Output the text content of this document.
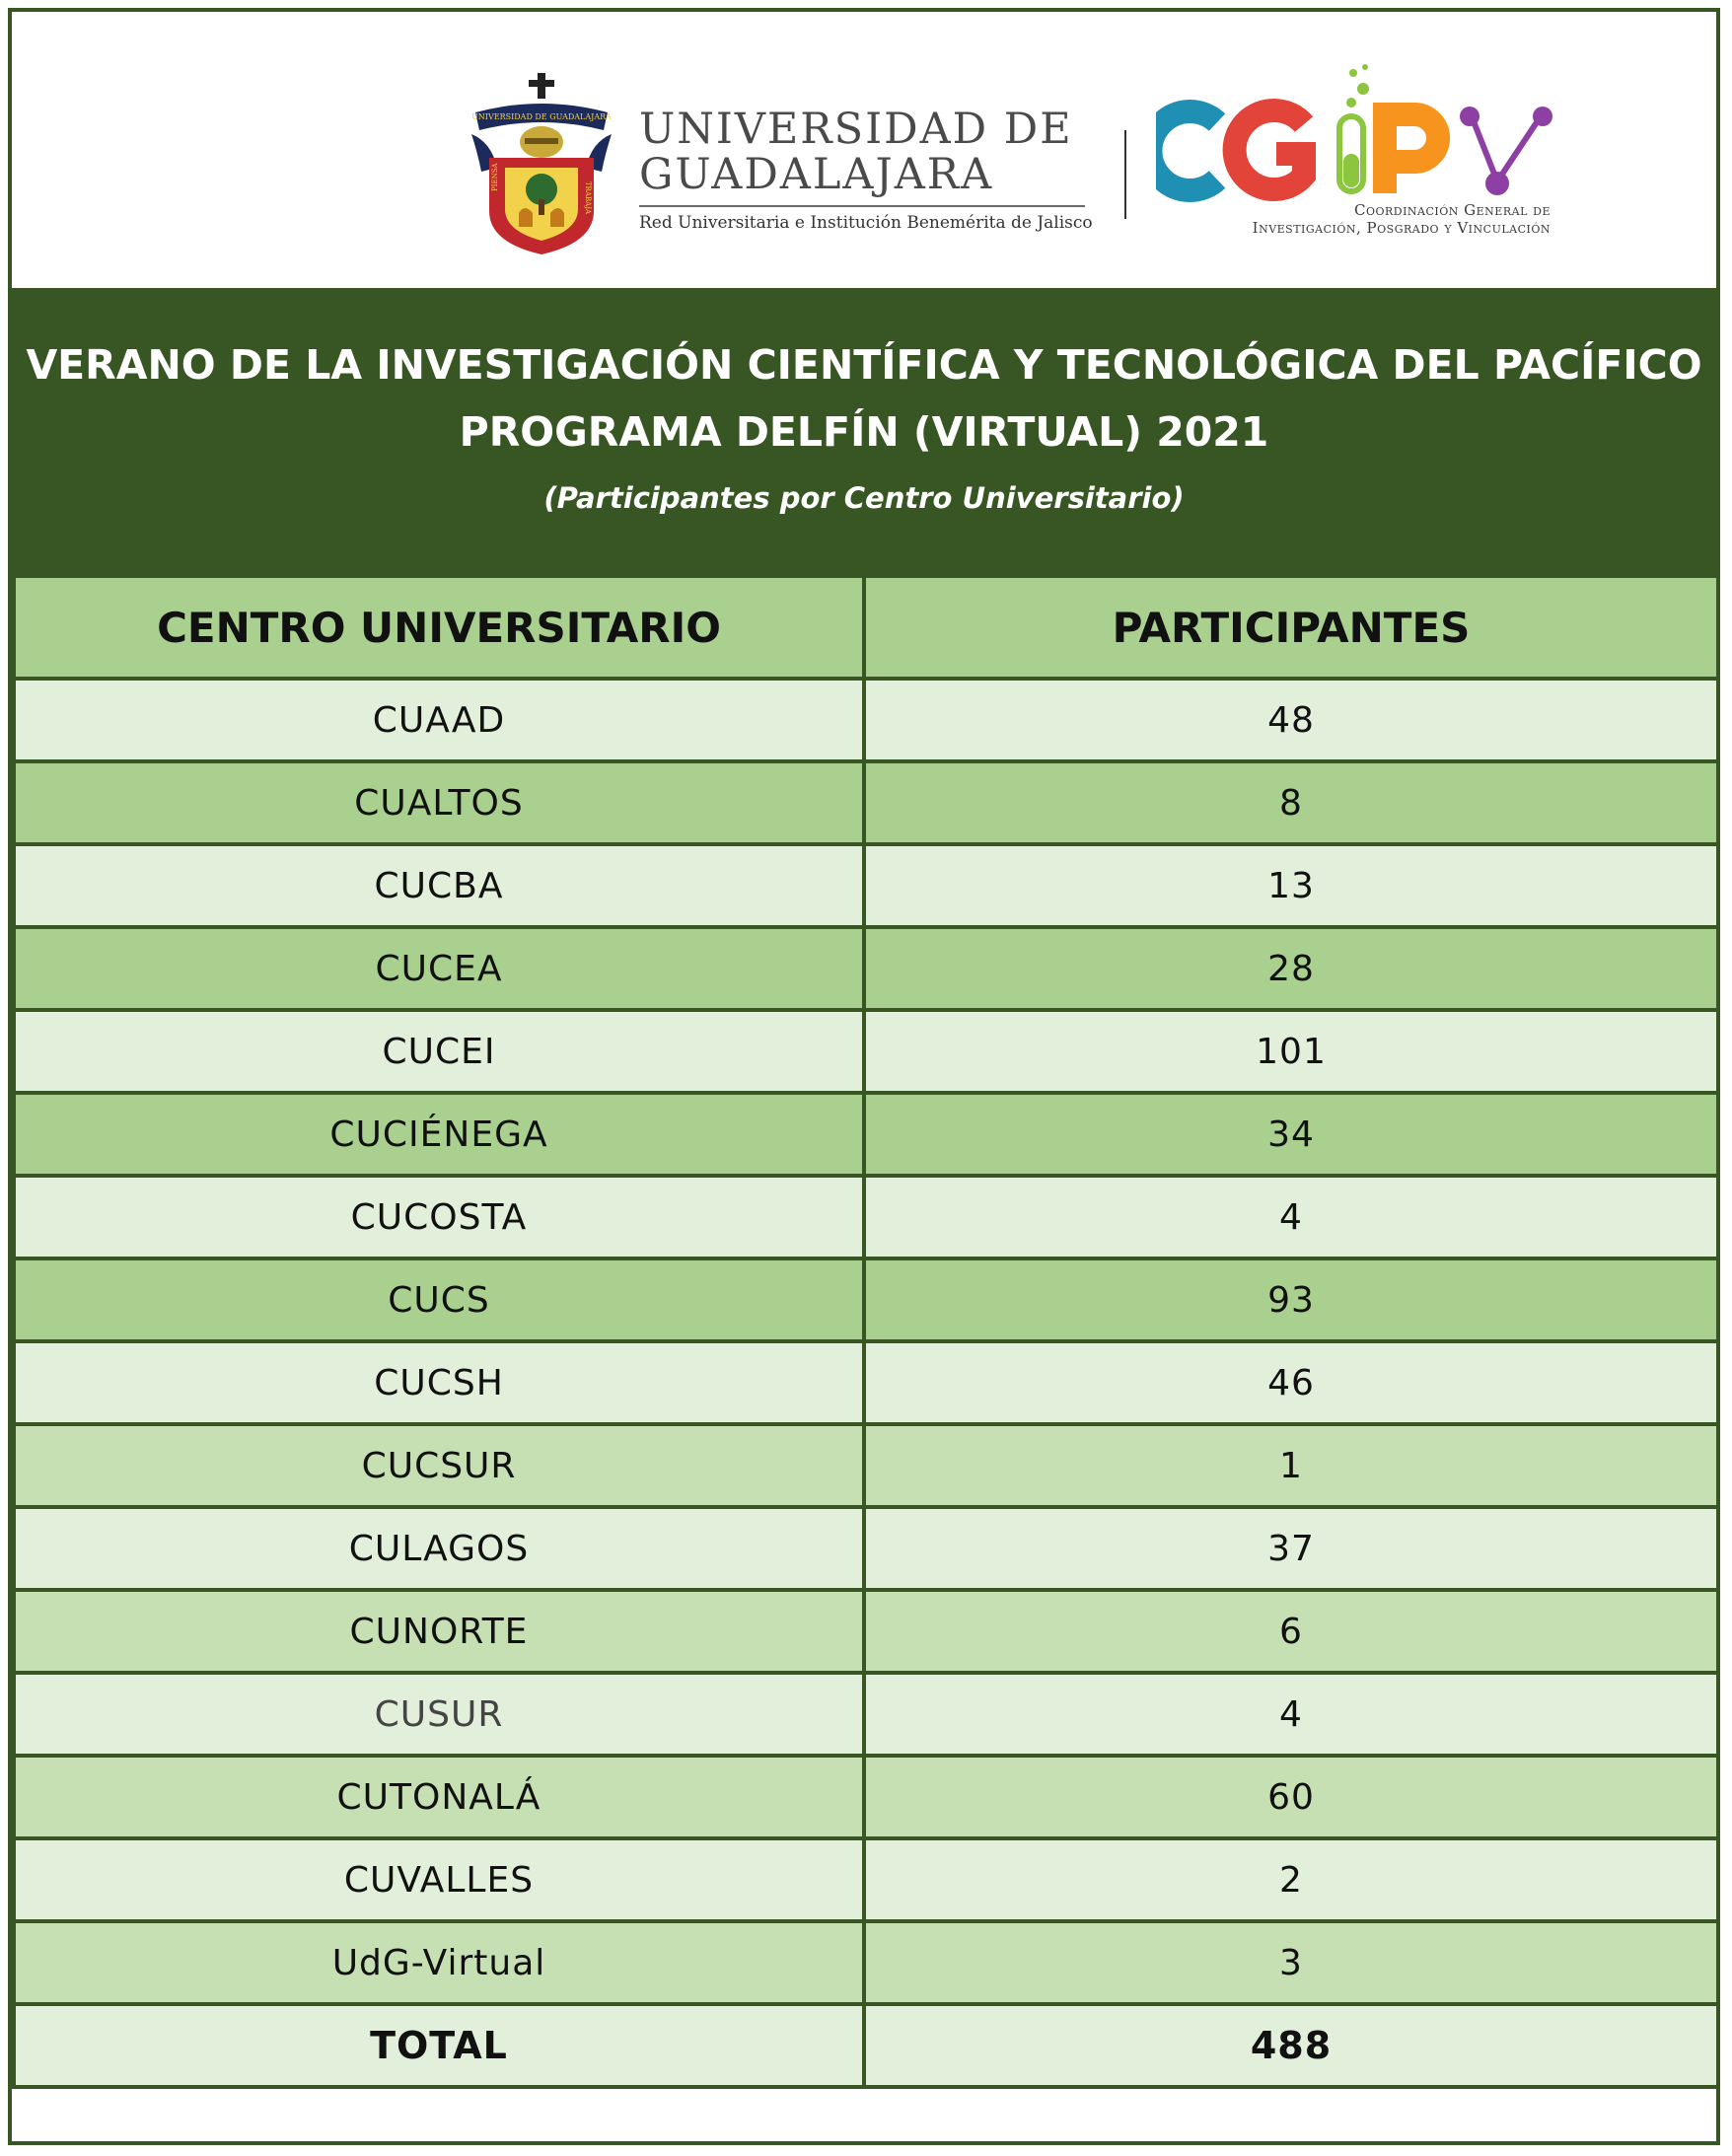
UNIVERSIDAD DE GUADALAJARA
PIENSA
TRABAJA
UNIVERSIDAD DE
GUADALAJARA
Red Universitaria e Institución Benemérita de Jalisco
CGIPV
Coordinación General de
Investigación, Posgrado y Vinculación
VERANO DE LA INVESTIGACIÓN CIENTÍFICA Y TECNOLÓGICA DEL PACÍFICO
PROGRAMA DELFÍN (VIRTUAL) 2021
(Participantes por Centro Universitario)
CENTRO UNIVERSITARIO	PARTICIPANTES
CUAAD	48
CUALTOS	8
CUCBA	13
CUCEA	28
CUCEI	101
CUCIÉNEGA	34
CUCOSTA	4
CUCS	93
CUCSH	46
CUCSUR	1
CULAGOS	37
CUNORTE	6
CUSUR	4
CUTONALÁ	60
CUVALLES	2
UdG-Virtual	3
TOTAL	488
